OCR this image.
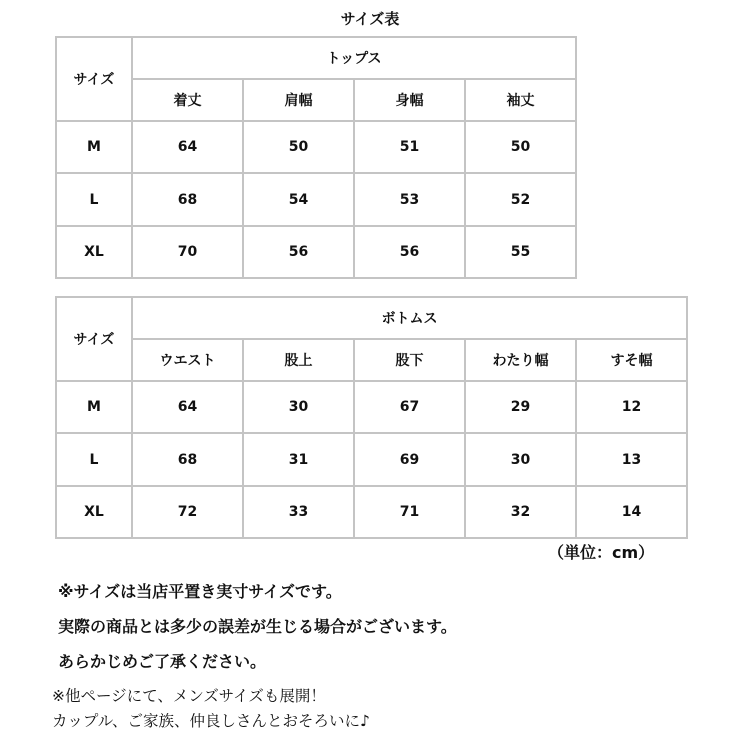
サイズ表
サイズ	トップス			
	着丈	肩幅	身幅	袖丈
M	64	50	51	50
L	68	54	53	52
XL	70	56	56	55
サイズ	ボトムス				
	ウエスト	股上	股下	わたり幅	すそ幅
M	64	30	67	29	12
L	68	31	69	30	13
XL	72	33	71	32	14
（単位：cm）
※サイズは当店平置き実寸サイズです。
実際の商品とは多少の誤差が生じる場合がございます。
あらかじめご了承ください。
※他ページにて、メンズサイズも展開！
カップル、ご家族、仲良しさんとおそろいに♪
